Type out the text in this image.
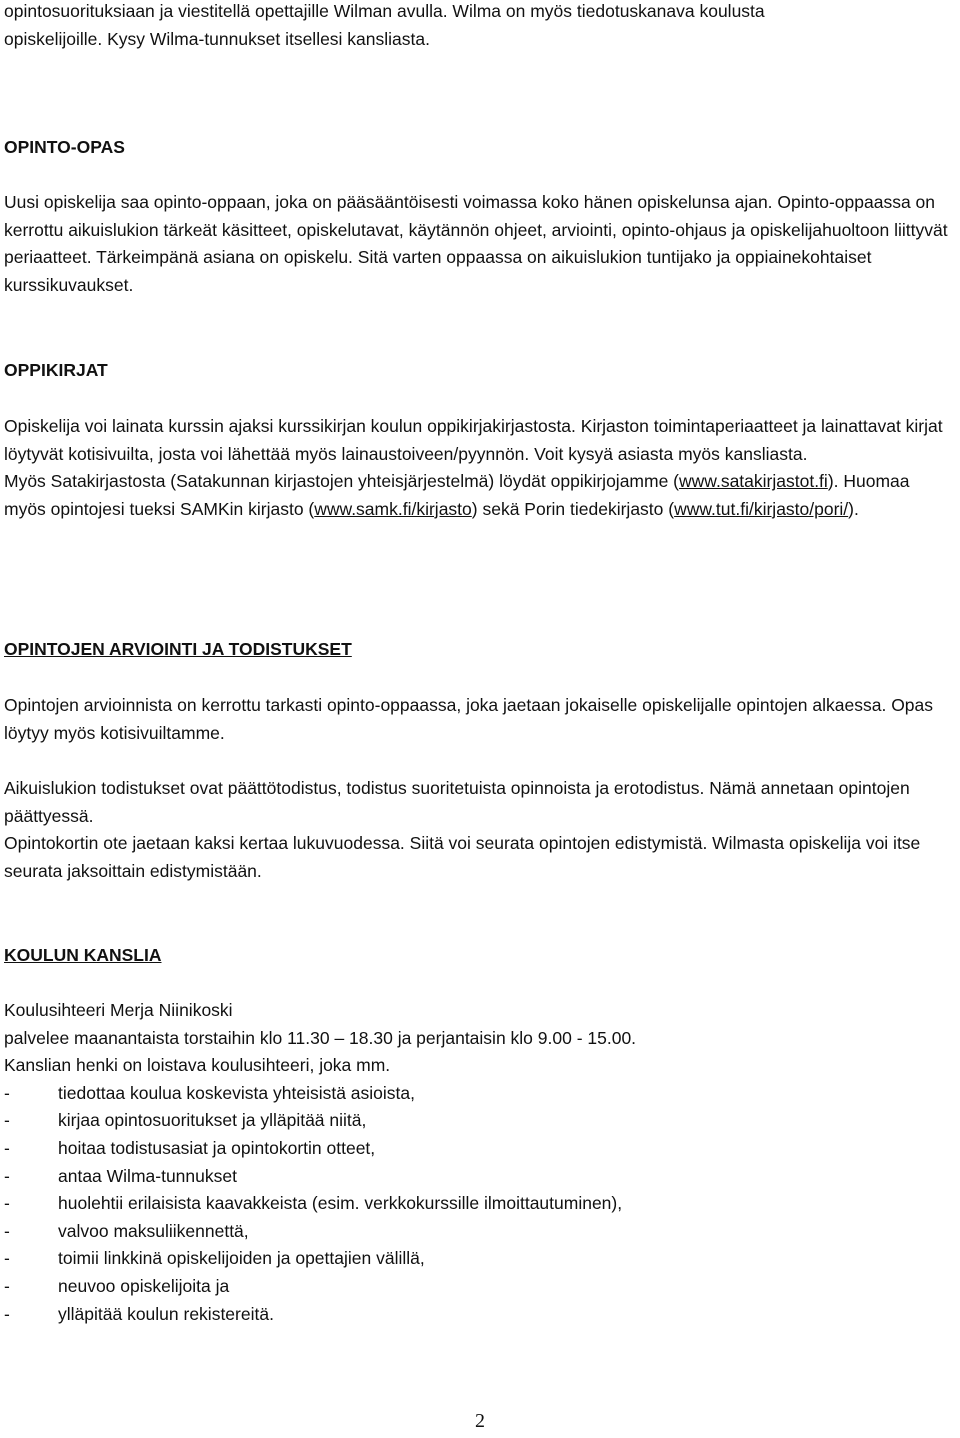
opintosuorituksiaan ja viestitellä opettajille Wilman avulla. Wilma on myös tiedotuskanava koulusta
opiskelijoille. Kysy Wilma-tunnukset itsellesi kansliasta.
OPINTO-OPAS

Uusi opiskelija saa opinto-oppaan, joka on pääsääntöisesti voimassa koko hänen opiskelunsa ajan. Opinto-oppaassa on kerrottu aikuislukion tärkeät käsitteet, opiskelutavat, käytännön ohjeet, arviointi, opinto-ohjaus ja opiskelijahuoltoon liittyvät periaatteet. Tärkeimpänä asiana on opiskelu. Sitä varten oppaassa on aikuislukion tuntijako ja oppiainekohtaiset kurssikuvaukset.

OPPIKIRJAT

Opiskelija voi lainata kurssin ajaksi kurssikirjan koulun oppikirjakirjastosta. Kirjaston toimintaperiaatteet ja lainattavat kirjat löytyvät kotisivuilta, josta voi lähettää myös lainaustoiveen/pyynnön. Voit kysyä asiasta myös kansliasta.

Myös Satakirjastosta (Satakunnan kirjastojen yhteisjärjestelmä) löydät oppikirjojamme (www.satakirjastot.fi). Huomaa myös opintojesi tueksi SAMKin kirjasto (www.samk.fi/kirjasto) sekä Porin tiedekirjasto (www.tut.fi/kirjasto/pori/).

OPINTOJEN ARVIOINTI JA TODISTUKSET

Opintojen arvioinnista on kerrottu tarkasti opinto-oppaassa, joka jaetaan jokaiselle opiskelijalle opintojen alkaessa. Opas löytyy myös kotisivuiltamme.

Aikuislukion todistukset ovat päättötodistus, todistus suoritetuista opinnoista ja erotodistus. Nämä annetaan opintojen päättyessä.

Opintokortin ote jaetaan kaksi kertaa lukuvuodessa. Siitä voi seurata opintojen edistymistä. Wilmasta opiskelija voi itse seurata jaksoittain edistymistään.

KOULUN KANSLIA
Koulusihteeri Merja Niinikoski
palvelee maanantaista torstaihin klo 11.30 – 18.30 ja perjantaisin klo 9.00 - 15.00.
Kanslian henki on loistava koulusihteeri, joka mm.
-	tiedottaa koulua koskevista yhteisistä asioista,
-	kirjaa opintosuoritukset ja ylläpitää niitä,
-	hoitaa todistusasiat ja opintokortin otteet,
-	antaa Wilma-tunnukset
-	huolehtii erilaisista kaavakkeista (esim. verkkokurssille ilmoittautuminen),
-	valvoo maksuliikennettä,
-	toimii linkkinä opiskelijoiden ja opettajien välillä,
-	neuvoo opiskelijoita ja
-	ylläpitää koulun rekistereitä.
2
